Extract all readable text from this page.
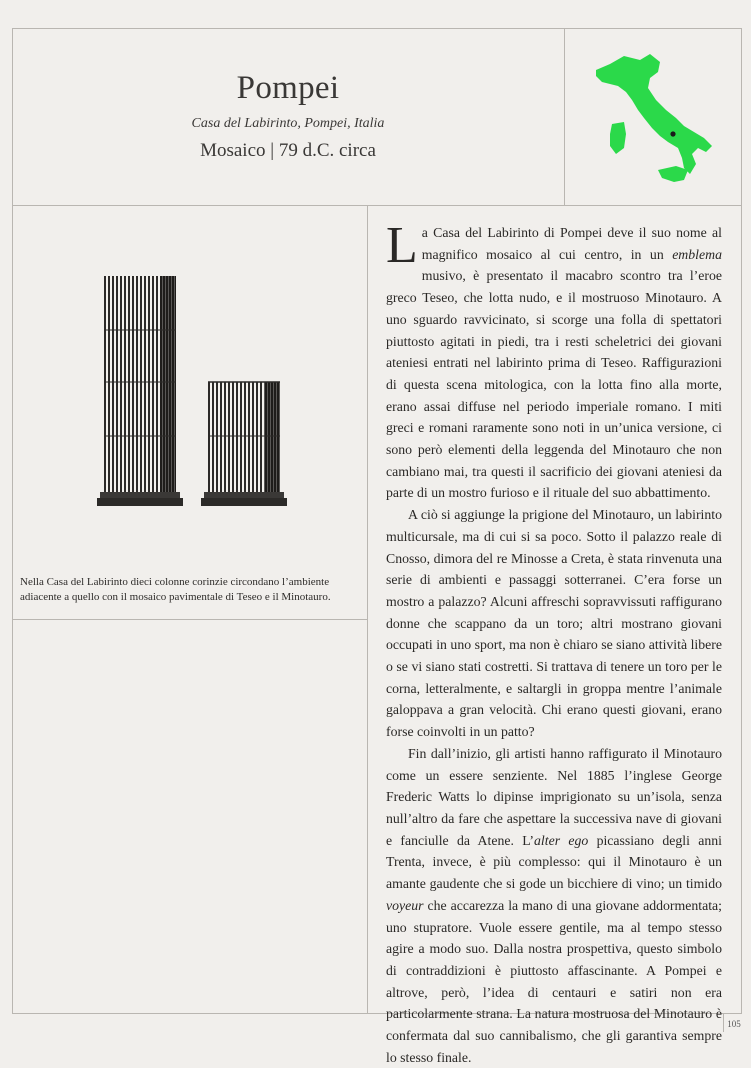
Pompei
Casa del Labirinto, Pompei, Italia
Mosaico | 79 d.C. circa
Nella Casa del Labirinto dieci colonne corinzie circondano l’ambiente adiacente a quello con il mosaico pavimentale di Teseo e il Minotauro.

La Casa del Labirinto di Pompei deve il suo nome al magnifico mosaico al cui centro, in un emblema musivo, è presentato il macabro scontro tra l’eroe greco Teseo, che lotta nudo, e il mostruoso Minotauro. A uno sguardo ravvicinato, si scorge una folla di spettatori piuttosto agitati in piedi, tra i resti scheletrici dei giovani ateniesi entrati nel labirinto prima di Teseo. Raffigurazioni di questa scena mitologica, con la lotta fino alla morte, erano assai diffuse nel periodo imperiale romano. I miti greci e romani raramente sono noti in un’unica versione, ci sono però elementi della leggenda del Minotauro che non cambiano mai, tra questi il sacrificio dei giovani ateniesi da parte di un mostro furioso e il rituale del suo abbattimento.

A ciò si aggiunge la prigione del Minotauro, un labirinto multicursale, ma di cui si sa poco. Sotto il palazzo reale di Cnosso, dimora del re Minosse a Creta, è stata rinvenuta una serie di ambienti e passaggi sotterranei. C’era forse un mostro a palazzo? Alcuni affreschi sopravvissuti raffigurano donne che scappano da un toro; altri mostrano giovani occupati in uno sport, ma non è chiaro se siano attività libere o se vi siano stati costretti. Si trattava di tenere un toro per le corna, letteralmente, e saltargli in groppa mentre l’animale galoppava a gran velocità. Chi erano questi giovani, erano forse coinvolti in un patto?

Fin dall’inizio, gli artisti hanno raffigurato il Minotauro come un essere senziente. Nel 1885 l’inglese George Frederic Watts lo dipinse imprigionato su un’isola, senza null’altro da fare che aspettare la successiva nave di giovani e fanciulle da Atene. L’alter ego picassiano degli anni Trenta, invece, è più complesso: qui il Minotauro è un amante gaudente che si gode un bicchiere di vino; un timido voyeur che accarezza la mano di una giovane addormentata; uno stupratore. Vuole essere gentile, ma al tempo stesso agire a modo suo. Dalla nostra prospettiva, questo simbolo di contraddizioni è piuttosto affascinante. A Pompei e altrove, però, l’idea di centauri e satiri non era particolarmente strana. La natura mostruosa del Minotauro è confermata dal suo cannibalismo, che gli garantiva sempre lo stesso finale.

105
